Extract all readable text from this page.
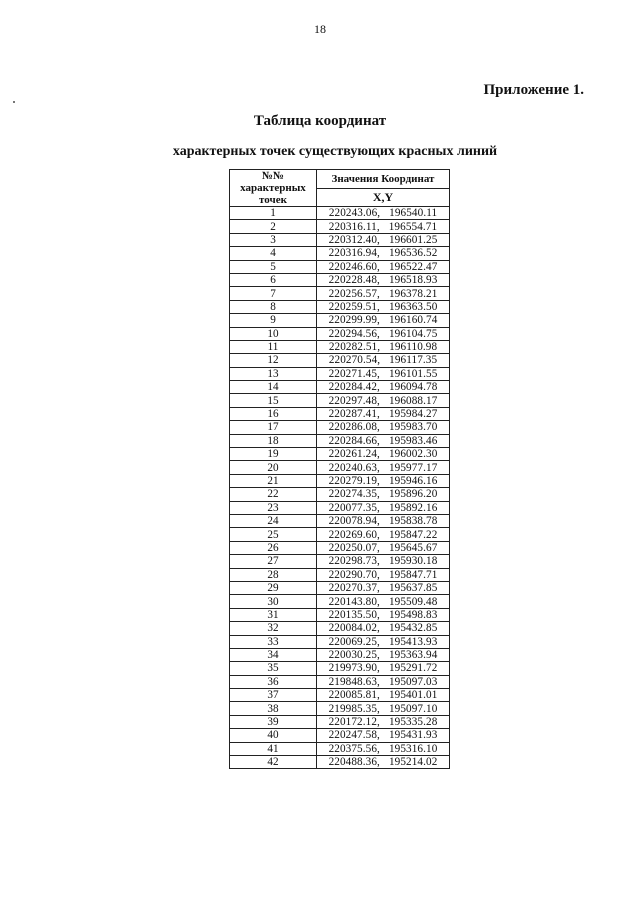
18
Приложение 1.
Таблица координат
характерных точек существующих красных линий
№№
характерных
точек	Значения Координат
	X,Y
1	220243.06, 196540.11
2	220316.11, 196554.71
3	220312.40, 196601.25
4	220316.94, 196536.52
5	220246.60, 196522.47
6	220228.48, 196518.93
7	220256.57, 196378.21
8	220259.51, 196363.50
9	220299.99, 196160.74
10	220294.56, 196104.75
11	220282.51, 196110.98
12	220270.54, 196117.35
13	220271.45, 196101.55
14	220284.42, 196094.78
15	220297.48, 196088.17
16	220287.41, 195984.27
17	220286.08, 195983.70
18	220284.66, 195983.46
19	220261.24, 196002.30
20	220240.63, 195977.17
21	220279.19, 195946.16
22	220274.35, 195896.20
23	220077.35, 195892.16
24	220078.94, 195838.78
25	220269.60, 195847.22
26	220250.07, 195645.67
27	220298.73, 195930.18
28	220290.70, 195847.71
29	220270.37, 195637.85
30	220143.80, 195509.48
31	220135.50, 195498.83
32	220084.02, 195432.85
33	220069.25, 195413.93
34	220030.25, 195363.94
35	219973.90, 195291.72
36	219848.63, 195097.03
37	220085.81, 195401.01
38	219985.35, 195097.10
39	220172.12, 195335.28
40	220247.58, 195431.93
41	220375.56, 195316.10
42	220488.36, 195214.02
